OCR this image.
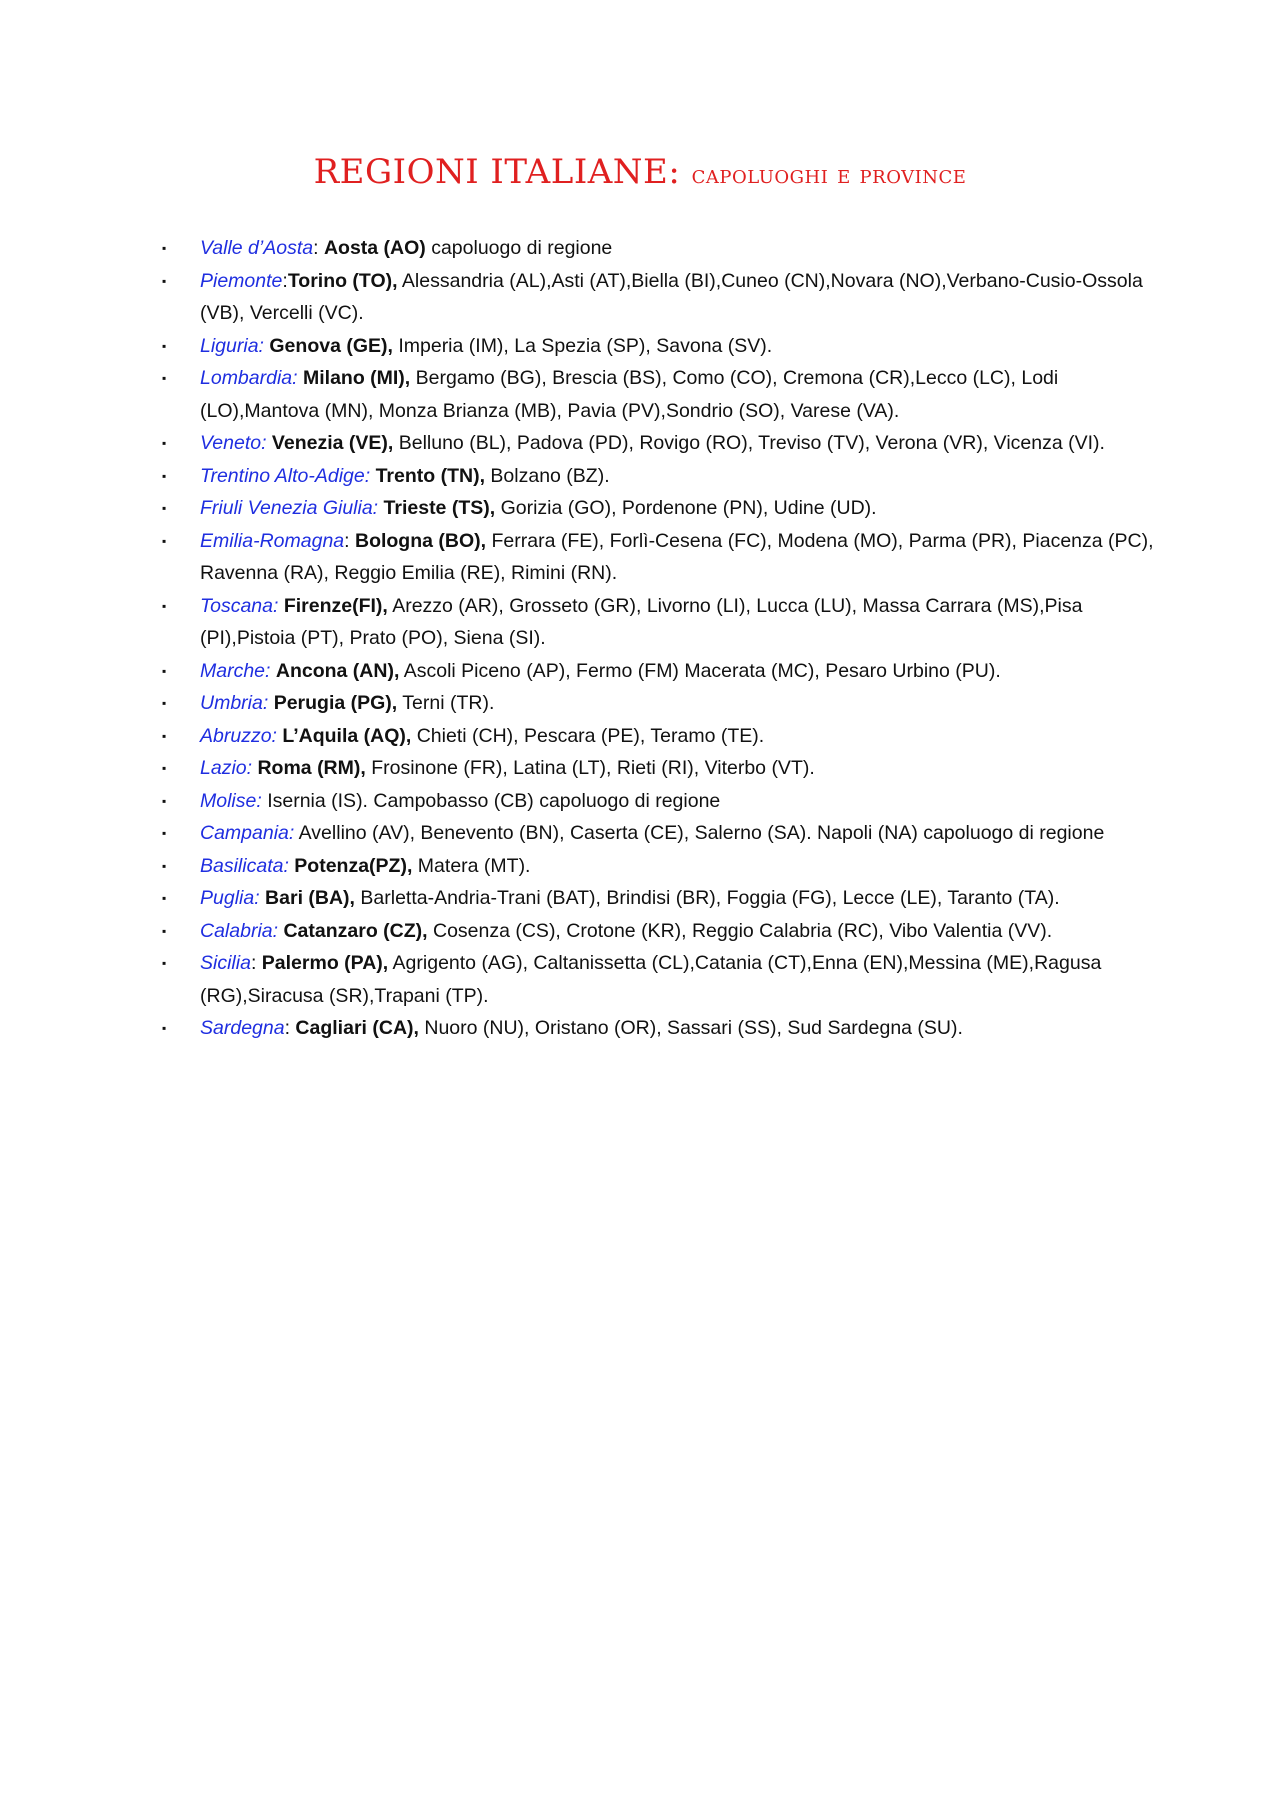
REGIONI ITALIANE: capoluoghi e province
▪ Valle d’Aosta: Aosta (AO) capoluogo di regione
▪ Piemonte:Torino (TO), Alessandria (AL),Asti (AT),Biella (BI),Cuneo (CN),Novara (NO),Verbano-Cusio-Ossola (VB), Vercelli (VC).
▪ Liguria: Genova (GE), Imperia (IM), La Spezia (SP), Savona (SV).
▪ Lombardia: Milano (MI), Bergamo (BG), Brescia (BS), Como (CO), Cremona (CR),Lecco (LC), Lodi (LO),Mantova (MN), Monza Brianza (MB), Pavia (PV),Sondrio (SO), Varese (VA).
▪ Veneto: Venezia (VE), Belluno (BL), Padova (PD), Rovigo (RO), Treviso (TV), Verona (VR), Vicenza (VI).
▪ Trentino Alto-Adige: Trento (TN), Bolzano (BZ).
▪ Friuli Venezia Giulia: Trieste (TS), Gorizia (GO), Pordenone (PN), Udine (UD).
▪ Emilia-Romagna: Bologna (BO), Ferrara (FE), Forlì-Cesena (FC), Modena (MO), Parma (PR), Piacenza (PC), Ravenna (RA), Reggio Emilia (RE), Rimini (RN).
▪ Toscana: Firenze(FI), Arezzo (AR), Grosseto (GR), Livorno (LI), Lucca (LU), Massa Carrara (MS),Pisa (PI),Pistoia (PT), Prato (PO), Siena (SI).
▪ Marche: Ancona (AN), Ascoli Piceno (AP), Fermo (FM) Macerata (MC), Pesaro Urbino (PU).
▪ Umbria: Perugia (PG), Terni (TR).
▪ Abruzzo: L’Aquila (AQ), Chieti (CH), Pescara (PE), Teramo (TE).
▪ Lazio: Roma (RM), Frosinone (FR), Latina (LT), Rieti (RI), Viterbo (VT).
▪ Molise: Isernia (IS). Campobasso (CB) capoluogo di regione
▪ Campania: Avellino (AV), Benevento (BN), Caserta (CE), Salerno (SA). Napoli (NA) capoluogo di regione
▪ Basilicata: Potenza(PZ), Matera (MT).
▪ Puglia: Bari (BA), Barletta-Andria-Trani (BAT), Brindisi (BR), Foggia (FG), Lecce (LE), Taranto (TA).
▪ Calabria: Catanzaro (CZ), Cosenza (CS), Crotone (KR), Reggio Calabria (RC), Vibo Valentia (VV).
▪ Sicilia: Palermo (PA), Agrigento (AG), Caltanissetta (CL),Catania (CT),Enna (EN),Messina (ME),Ragusa (RG),Siracusa (SR),Trapani (TP).
▪ Sardegna: Cagliari (CA), Nuoro (NU), Oristano (OR), Sassari (SS), Sud Sardegna (SU).
